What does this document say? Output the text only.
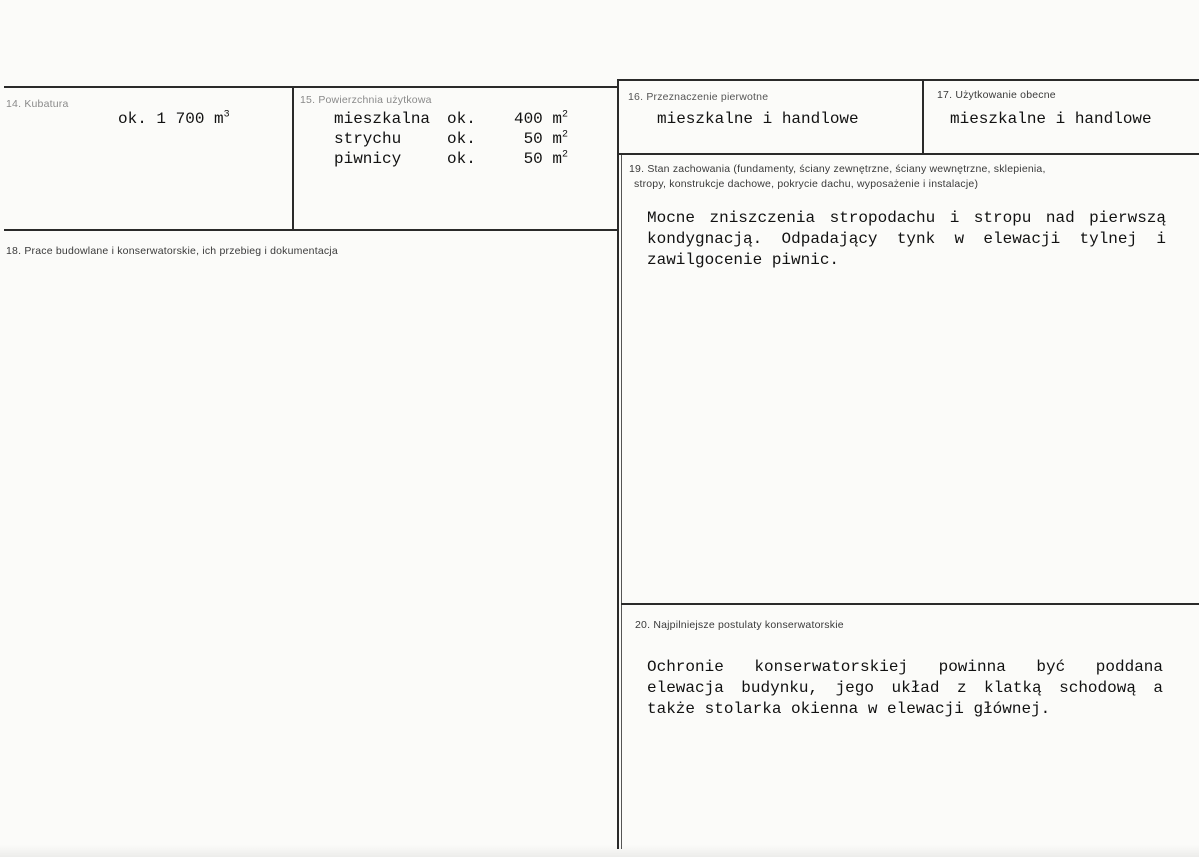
14. Kubatura
ok. 1 700 $m^3$
15. Powierzchnia użytkowa
mieszkalna ok. 400 $m^2$
strychu	ok.	50 $m^2$
piwnicy	ok.	50 $m^2$
16. Przeznaczenie pierwotne
mieszkalne i handlowe
17. Użytkowanie obecne
mieszkalne i handlowe
18. Prace budowlane i konserwatorskie, ich przebieg i dokumentacja
19. Stan zachowania (fundamenty, ściany zewnętrzne, ściany wewnętrzne, sklepienia,
stropy, konstrukcje dachowe, pokrycie dachu, wyposażenie i instalacje)
Mocne zniszczenia stropodachu i stropu nad pierwszą kondygnacją. Odpadający tynk w elewacji tylnej i zawilgocenie piwnic.
20. Najpilniejsze postulaty konserwatorskie
Ochronie konserwatorskiej powinna być poddana elewacja budynku, jego układ z klatką schodową a także stolarka okienna w elewacji głównej.
